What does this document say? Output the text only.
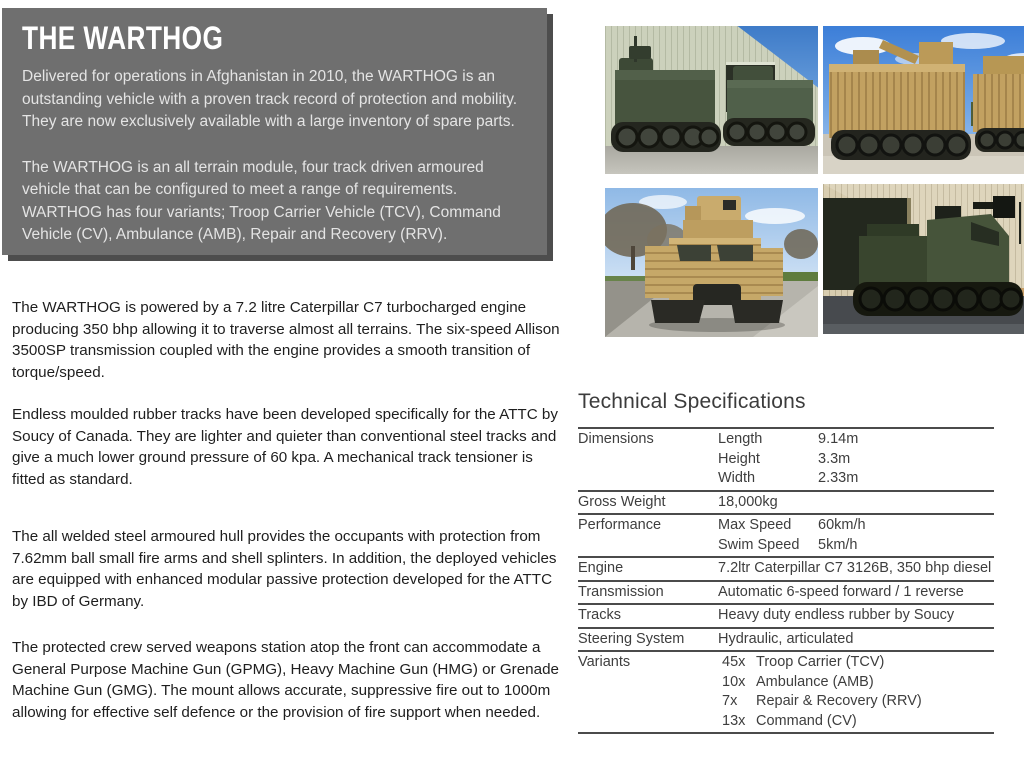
THE WARTHOG

Delivered for operations in Afghanistan in 2010, the WARTHOG is an outstanding vehicle with a proven track record of protection and mobility. They are now exclusively available with a large inventory of spare parts.

The WARTHOG is an all terrain module, four track driven armoured vehicle that can be configured to meet a range of requirements. WARTHOG has four variants; Troop Carrier Vehicle (TCV), Command Vehicle (CV), Ambulance (AMB), Repair and Recovery (RRV).

The WARTHOG is powered by a 7.2 litre Caterpillar C7 turbocharged engine producing 350 bhp allowing it to traverse almost all terrains. The six-speed Allison 3500SP transmission coupled with the engine provides a smooth transition of torque/speed.

Endless moulded rubber tracks have been developed specifically for the ATTC by Soucy of Canada. They are lighter and quieter than conventional steel tracks and give a much lower ground pressure of 60 kpa. A mechanical track tensioner is fitted as standard.

The all welded steel armoured hull provides the occupants with protection from 7.62mm ball small fire arms and shell splinters. In addition, the deployed vehicles are equipped with enhanced modular passive protection developed for the ATTC by IBD of Germany.

The protected crew served weapons station atop the front can accommodate a General Purpose Machine Gun (GPMG), Heavy Machine Gun (HMG) or Grenade Machine Gun (GMG). The mount allows accurate, suppressive fire out to 1000m allowing for effective self defence or the provision of fire support when needed.

Technical Specifications
Dimensions	Length	9.14m
Height	3.3m
Width	2.33m
Gross Weight	18,000kg
Performance	Max Speed	60km/h
Swim Speed	5km/h
Engine	7.2ltr Caterpillar C7 3126B, 350 bhp diesel
Transmission	Automatic 6-speed forward / 1 reverse
Tracks	Heavy duty endless rubber by Soucy
Steering System	Hydraulic, articulated
Variants	45x Troop Carrier (TCV)
10x Ambulance (AMB)
7x	Repair & Recovery (RRV)
13x Command (CV)
